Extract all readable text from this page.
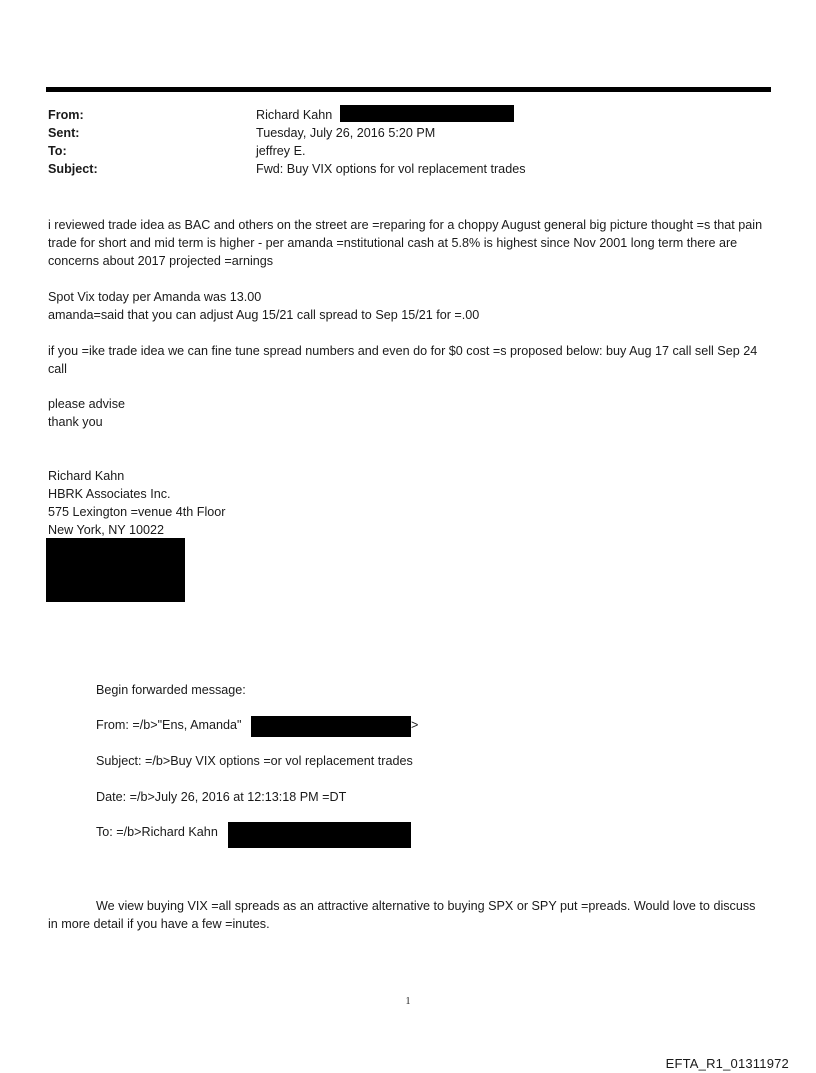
From:	Richard Kahn
Sent:	Tuesday, July 26, 2016 5:20 PM
To:	jeffrey E.
Subject:	Fwd: Buy VIX options for vol replacement trades

i reviewed trade idea as BAC and others on the street are =reparing for a choppy August general big picture thought =s that pain trade for short and mid term is higher - per amanda =nstitutional cash at 5.8% is highest since Nov 2001 long term there are concerns about 2017 projected =arnings

Spot Vix today per Amanda was 13.00
amanda=said that you can adjust Aug 15/21 call spread to Sep 15/21 for =.00

if you =ike trade idea we can fine tune spread numbers and even do for $0 cost =s proposed below: buy Aug 17 call sell Sep 24 call

please advise
thank you
Richard Kahn
HBRK Associates Inc.
575 Lexington =venue 4th Floor
New York, NY 10022
Begin forwarded message:
From: =/b>"Ens, Amanda"	>
Subject: =/b>Buy VIX options =or vol replacement trades
Date: =/b>July 26, 2016 at 12:13:18 PM =DT
To: =/b>Richard Kahn

We view buying VIX =all spreads as an attractive alternative to buying SPX or SPY put =preads. Would love to discuss in more detail if you have a few =inutes.

1
EFTA_R1_01311972
